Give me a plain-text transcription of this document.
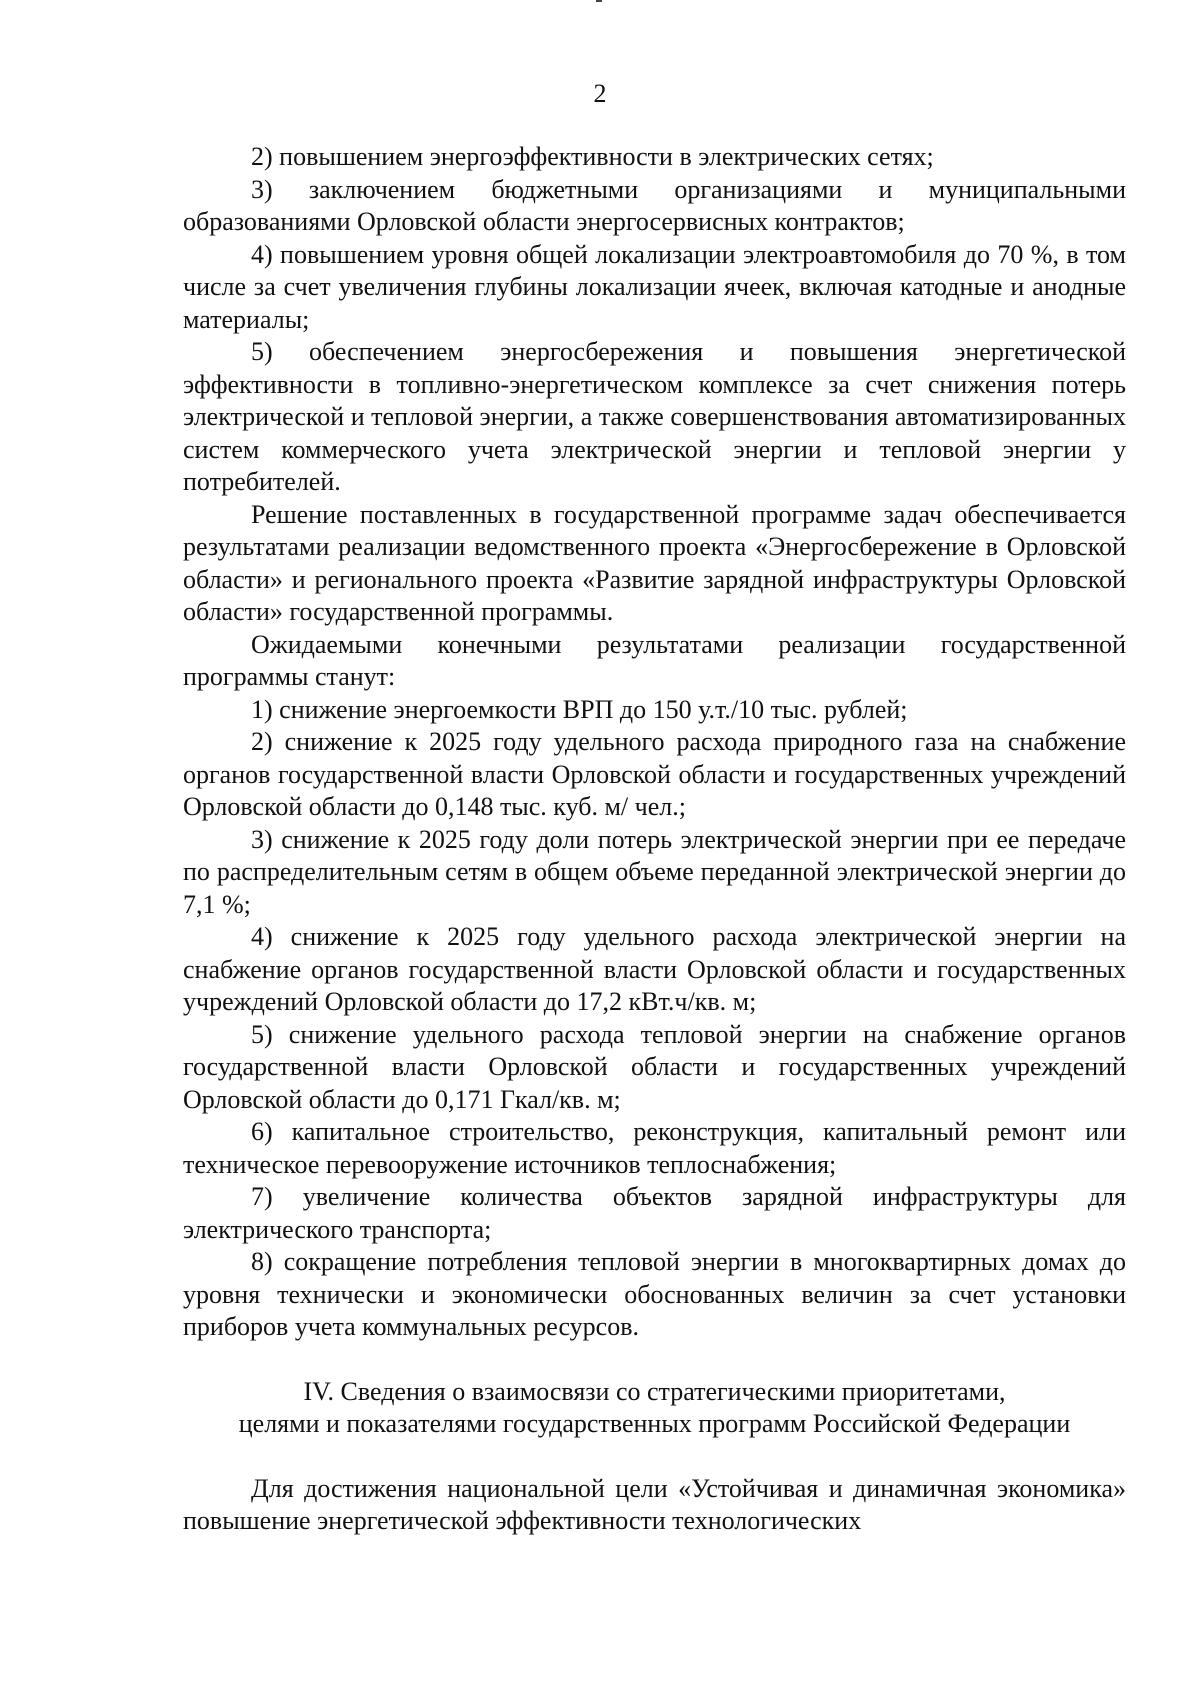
2

2) повышением энергоэффективности в электрических сетях;

3) заключением бюджетными организациями и муниципальными образованиями Орловской области энергосервисных контрактов;

4) повышением уровня общей локализации электроавтомобиля до 70 %, в том числе за счет увеличения глубины локализации ячеек, включая катодные и анодные материалы;

5) обеспечением энергосбережения и повышения энергетической эффективности в топливно-энергетическом комплексе за счет снижения потерь электрической и тепловой энергии, а также совершенствования автоматизированных систем коммерческого учета электрической энергии и тепловой энергии у потребителей.

Решение поставленных в государственной программе задач обеспечивается результатами реализации ведомственного проекта «Энергосбережение в Орловской области» и регионального проекта «Развитие зарядной инфраструктуры Орловской области» государственной программы.

Ожидаемыми конечными результатами реализации государственной программы станут:

1) снижение энергоемкости ВРП до 150 у.т./10 тыс. рублей;

2) снижение к 2025 году удельного расхода природного газа на снабжение органов государственной власти Орловской области и государственных учреждений Орловской области до 0,148 тыс. куб. м/ чел.;

3) снижение к 2025 году доли потерь электрической энергии при ее передаче по распределительным сетям в общем объеме переданной электрической энергии до 7,1 %;

4) снижение к 2025 году удельного расхода электрической энергии на снабжение органов государственной власти Орловской области и государственных учреждений Орловской области до 17,2 кВт.ч/кв. м;

5) снижение удельного расхода тепловой энергии на снабжение органов государственной власти Орловской области и государственных учреждений Орловской области до 0,171 Гкал/кв. м;

6) капитальное строительство, реконструкция, капитальный ремонт или техническое перевооружение источников теплоснабжения;

7) увеличение количества объектов зарядной инфраструктуры для электрического транспорта;

8) сокращение потребления тепловой энергии в многоквартирных домах до уровня технически и экономически обоснованных величин за счет установки приборов учета коммунальных ресурсов.

IV. Сведения о взаимосвязи со стратегическими приоритетами,
целями и показателями государственных программ Российской Федерации

Для достижения национальной цели «Устойчивая и динамичная экономика» повышение энергетической эффективности технологических
